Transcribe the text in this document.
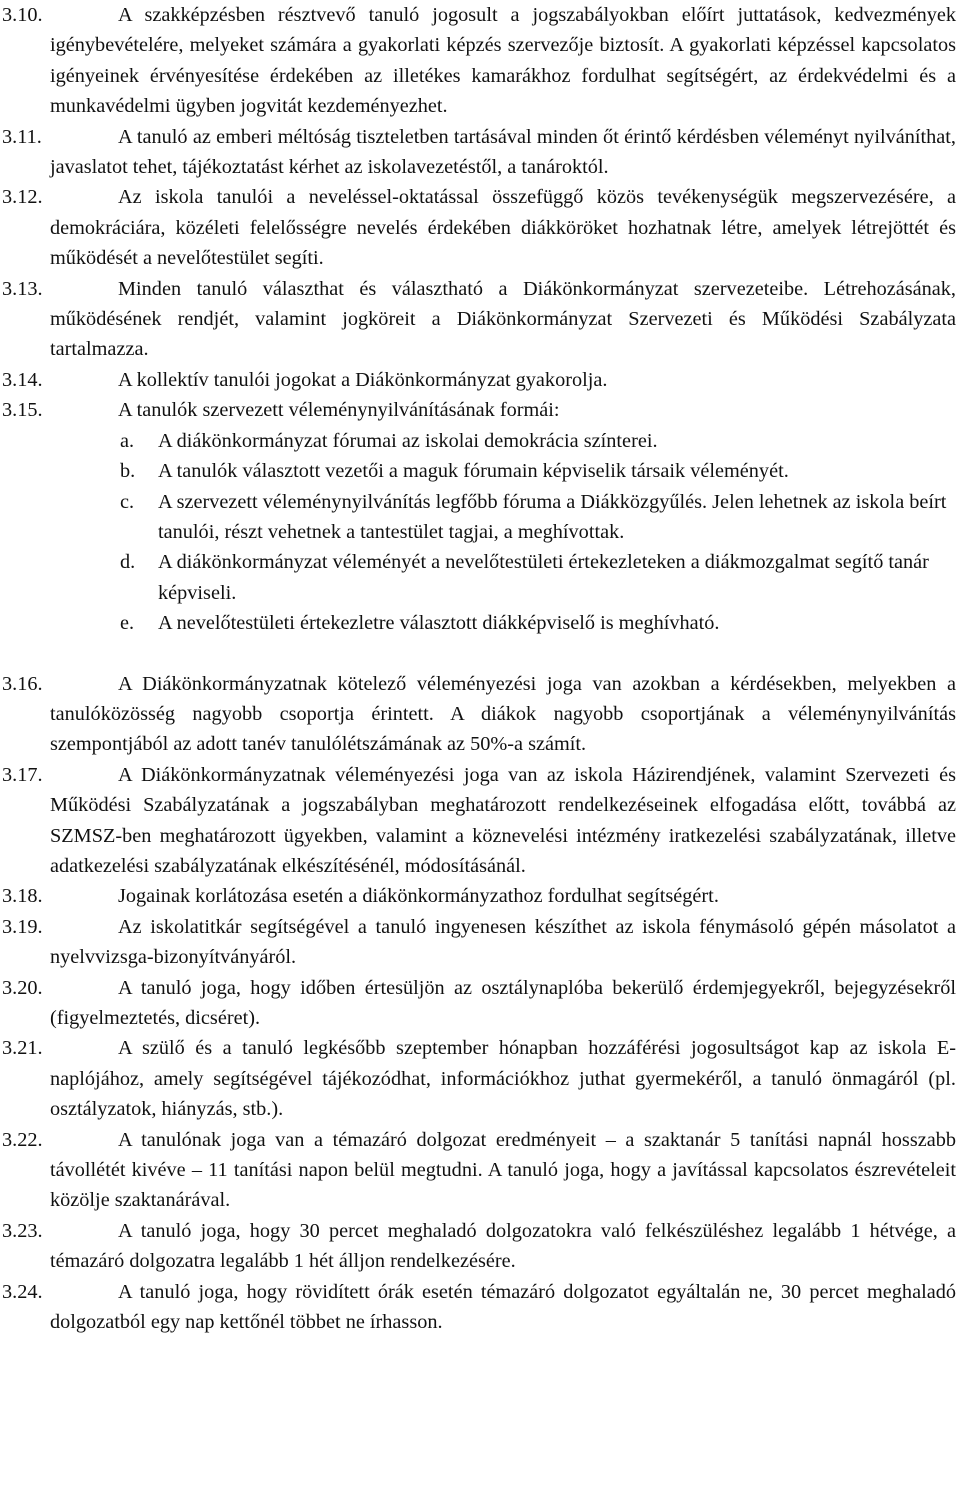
3.10.	A szakképzésben résztvevő tanuló jogosult a jogszabályokban előírt juttatások, kedvezmények igénybevételére, melyeket számára a gyakorlati képzés szervezője biztosít. A gyakorlati képzéssel kapcsolatos igényeinek érvényesítése érdekében az illetékes kamarákhoz fordulhat segítségért, az érdekvédelmi és a munkavédelmi ügyben jogvitát kezdeményezhet.

3.11.	A tanuló az emberi méltóság tiszteletben tartásával minden őt érintő kérdésben véleményt nyilváníthat, javaslatot tehet, tájékoztatást kérhet az iskolavezetéstől, a tanároktól.

3.12.	Az iskola tanulói a neveléssel-oktatással összefüggő közös tevékenységük megszervezésére, a demokráciára, közéleti felelősségre nevelés érdekében diákköröket hozhatnak létre, amelyek létrejöttét és működését a nevelőtestület segíti.

3.13.	Minden tanuló választhat és választható a Diákönkormányzat szervezeteibe. Létrehozásának, működésének rendjét, valamint jogköreit a Diákönkormányzat Szervezeti és Működési Szabályzata tartalmazza.

3.14.	A kollektív tanulói jogokat a Diákönkormányzat gyakorolja.

3.15.	A tanulók szervezett véleménynyilvánításának formái:

a. A diákönkormányzat fórumai az iskolai demokrácia színterei.

b. A tanulók választott vezetői a maguk fórumain képviselik társaik véleményét.

c. A szervezett véleménynyilvánítás legfőbb fóruma a Diákközgyűlés. Jelen lehetnek az iskola beírt tanulói, részt vehetnek a tantestület tagjai, a meghívottak.

d. A diákönkormányzat véleményét a nevelőtestületi értekezleteken a diákmozgalmat segítő tanár képviseli.

e. A nevelőtestületi értekezletre választott diákképviselő is meghívható.

3.16.	A Diákönkormányzatnak kötelező véleményezési joga van azokban a kérdésekben, melyekben a tanulóközösség nagyobb csoportja érintett. A diákok nagyobb csoportjának a véleménynyilvánítás szempontjából az adott tanév tanulólétszámának az 50%-a számít.

3.17.	A Diákönkormányzatnak véleményezési joga van az iskola Házirendjének, valamint Szervezeti és Működési Szabályzatának a jogszabályban meghatározott rendelkezéseinek elfogadása előtt, továbbá az SZMSZ-ben meghatározott ügyekben, valamint a köznevelési intézmény iratkezelési szabályzatának, illetve adatkezelési szabályzatának elkészítésénél, módosításánál.

3.18.	Jogainak korlátozása esetén a diákönkormányzathoz fordulhat segítségért.

3.19.	Az iskolatitkár segítségével a tanuló ingyenesen készíthet az iskola fénymásoló gépén másolatot a nyelvvizsga-bizonyítványáról.

3.20.	A tanuló joga, hogy időben értesüljön az osztálynaplóba bekerülő érdemjegyekről, bejegyzésekről (figyelmeztetés, dicséret).

3.21.	A szülő és a tanuló legkésőbb szeptember hónapban hozzáférési jogosultságot kap az iskola E-naplójához, amely segítségével tájékozódhat, információkhoz juthat gyermekéről, a tanuló önmagáról (pl. osztályzatok, hiányzás, stb.).

3.22.	A tanulónak joga van a témazáró dolgozat eredményeit – a szaktanár 5 tanítási napnál hosszabb távollétét kivéve – 11 tanítási napon belül megtudni. A tanuló joga, hogy a javítással kapcsolatos észrevételeit közölje szaktanárával.

3.23.	A tanuló joga, hogy 30 percet meghaladó dolgozatokra való felkészüléshez legalább 1 hétvége, a témazáró dolgozatra legalább 1 hét álljon rendelkezésére.

3.24.	A tanuló joga, hogy rövidített órák esetén témazáró dolgozatot egyáltalán ne, 30 percet meghaladó dolgozatból egy nap kettőnél többet ne írhasson.
